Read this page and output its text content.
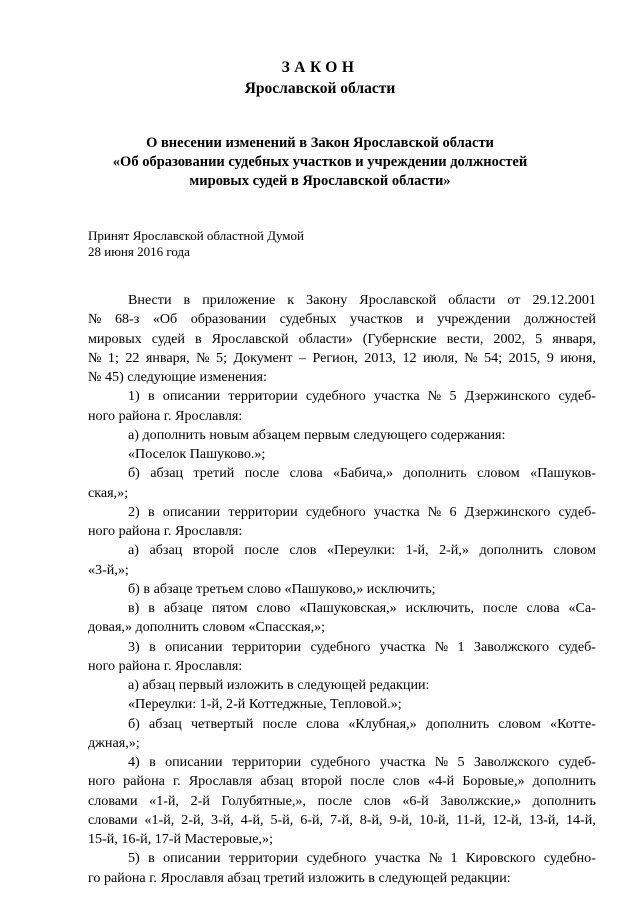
ЗАКОН
Ярославской области
О внесении изменений в Закон Ярославской области
«Об образовании судебных участков и учреждении должностей
мировых судей в Ярославской области»
Принят Ярославской областной Думой
28 июня 2016 года
Внести в приложение к Закону Ярославской области от 29.12.2001
№ 68-з «Об образовании судебных участков и учреждении должностей
мировых судей в Ярославской области» (Губернские вести, 2002, 5 января,
№ 1; 22 января, № 5; Документ – Регион, 2013, 12 июля, № 54; 2015, 9 июня,
№ 45) следующие изменения:
1) в описании территории судебного участка № 5 Дзержинского судеб-
ного района г. Ярославля:
а) дополнить новым абзацем первым следующего содержания:
«Поселок Пашуково.»;
б) абзац третий после слова «Бабича,» дополнить словом «Пашуков-
ская,»;
2) в описании территории судебного участка № 6 Дзержинского судеб-
ного района г. Ярославля:
а) абзац второй после слов «Переулки: 1-й, 2-й,» дополнить словом
«3-й,»;
б) в абзаце третьем слово «Пашуково,» исключить;
в) в абзаце пятом слово «Пашуковская,» исключить, после слова «Са-
довая,» дополнить словом «Спасская,»;
3) в описании территории судебного участка № 1 Заволжского судеб-
ного района г. Ярославля:
а) абзац первый изложить в следующей редакции:
«Переулки: 1-й, 2-й Коттеджные, Тепловой.»;
б) абзац четвертый после слова «Клубная,» дополнить словом «Котте-
джная,»;
4) в описании территории судебного участка № 5 Заволжского судеб-
ного района г. Ярославля абзац второй после слов «4-й Боровые,» дополнить
словами «1-й, 2-й Голубятные,», после слов «6-й Заволжские,» дополнить
словами «1-й, 2-й, 3-й, 4-й, 5-й, 6-й, 7-й, 8-й, 9-й, 10-й, 11-й, 12-й, 13-й, 14-й,
15-й, 16-й, 17-й Мастеровые,»;
5) в описании территории судебного участка № 1 Кировского судебно-
го района г. Ярославля абзац третий изложить в следующей редакции:
